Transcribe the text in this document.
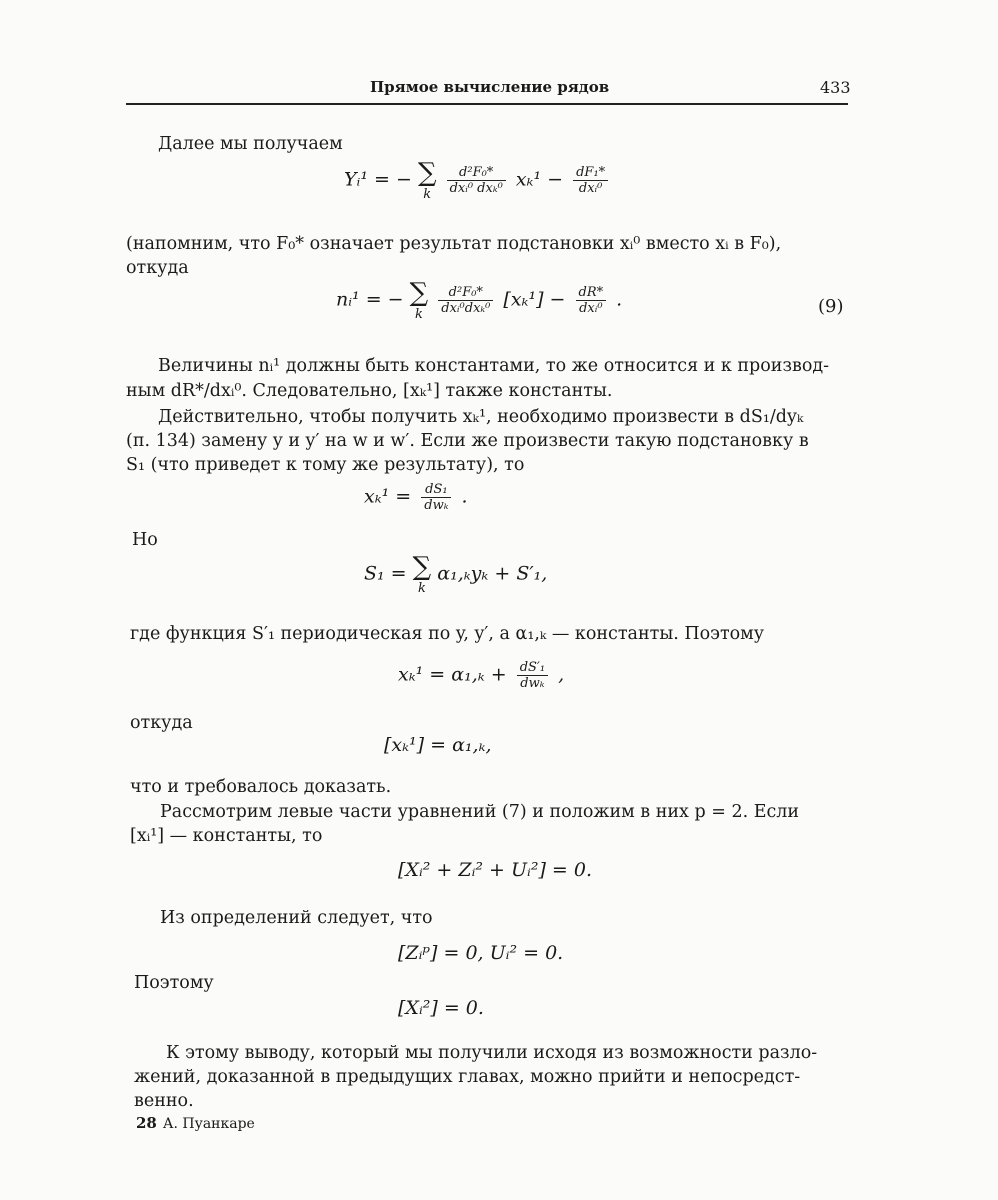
Прямое вычисление рядов	433
Далее мы получаем
Yᵢ¹ = − ∑
k
	$\frac{\text{d²F₀*}}{\text{dxᵢ⁰ dxₖ⁰}} x_k^1 - \frac{\text{dF₁*}}{\text{dxᵢ⁰}}$
(напомним, что F₀* означает результат подстановки xᵢ⁰ вместо xᵢ в F₀),
откуда
nᵢ¹ = − ∑
k
	$\frac{\text{d²F₀*}}{\text{dxᵢ⁰dxₖ⁰}} [x_k^1] - \frac{dR*}{\text{dxᵢ⁰}}$ .	(9)
Величины nᵢ¹ должны быть константами, то же относится и к производ-
ным dR*/dxᵢ⁰. Следовательно, [xₖ¹] также константы.
Действительно, чтобы получить xₖ¹, необходимо произвести в dS₁/dyₖ
(п. 134) замену y и y′ на w и w′. Если же произвести такую подстановку в
S₁ (что приведет к тому же результату), то
$x_k^1 = \frac{\text{dS₁}}{\text{dwₖ}}$ .
Но
S₁ = ∑
k
α₁,ₖyₖ + S′₁,
где функция S′₁ периодическая по y, y′, а α₁,ₖ — константы. Поэтому
$x_k^1 = \alpha_1,_k + \frac{\text{dS′₁}}{\text{dwₖ}}$ ,
откуда
[xₖ¹] = α₁,ₖ,
что и требовалось доказать.
Рассмотрим левые части уравнений (7) и положим в них p = 2. Если
[xᵢ¹] — константы, то
[Xᵢ² + Zᵢ² + Uᵢ²] = 0.
Из определений следует, что
[Zᵢᵖ] = 0, Uᵢ² = 0.
Поэтому
[Xᵢ²] = 0.
К этому выводу, который мы получили исходя из возможности разло-
жений, доказанной в предыдущих главах, можно прийти и непосредст-
венно.
28 А. Пуанкаре
